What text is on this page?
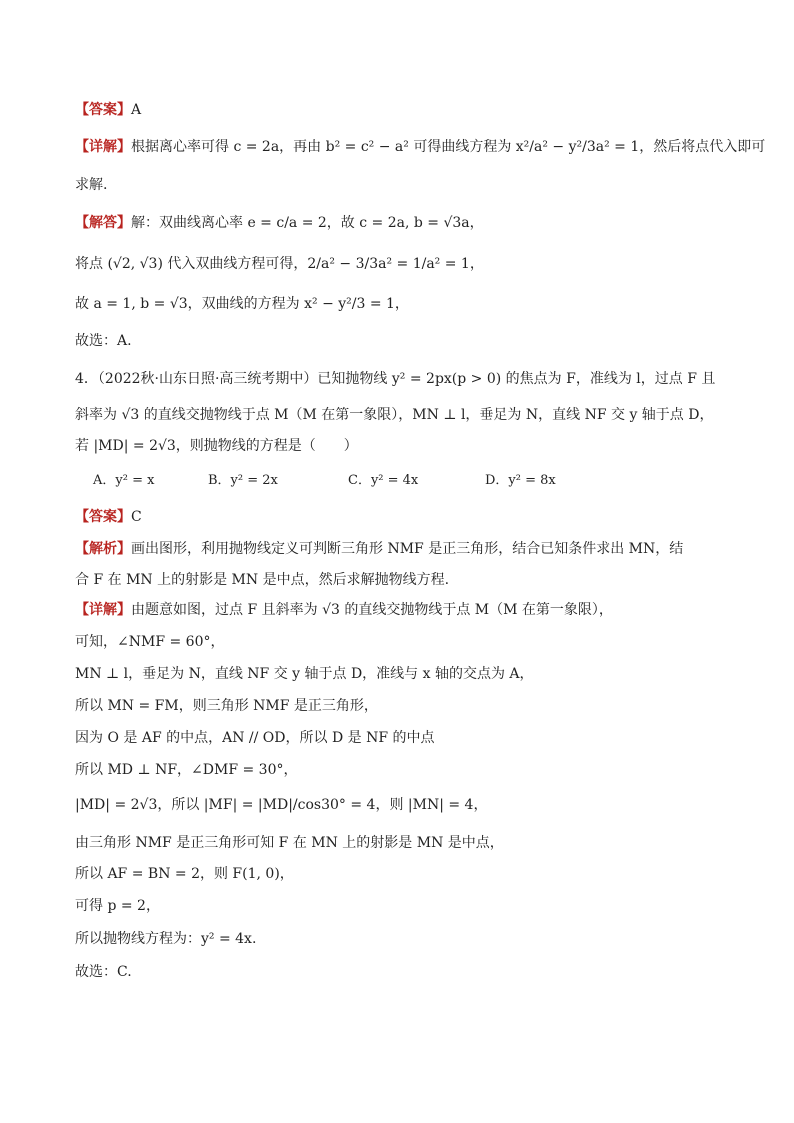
【答案】A
【详解】根据离心率可得 c = 2a，再由 b² = c² − a² 可得曲线方程为 x²/a² − y²/3a² = 1，然后将点代入即可
求解.
【解答】解：双曲线离心率 e = c/a = 2，故 c = 2a, b = √3a，
将点 (√2, √3) 代入双曲线方程可得，2/a² − 3/3a² = 1/a² = 1，
故 a = 1, b = √3，双曲线的方程为 x² − y²/3 = 1，
故选：A.
4．（2022秋·山东日照·高三统考期中）已知抛物线 y² = 2px(p > 0) 的焦点为 F，准线为 l，过点 F 且
斜率为 √3 的直线交抛物线于点 M（M 在第一象限），MN ⊥ l，垂足为 N，直线 NF 交 y 轴于点 D，
若 |MD| = 2√3，则抛物线的方程是（　　）
A．y² = x	B．y² = 2x	C．y² = 4x	D．y² = 8x
【答案】C
【解析】画出图形，利用抛物线定义可判断三角形 NMF 是正三角形，结合已知条件求出 MN，结
合 F 在 MN 上的射影是 MN 是中点，然后求解抛物线方程.
【详解】由题意如图，过点 F 且斜率为 √3 的直线交抛物线于点 M（M 在第一象限），
可知，∠NMF = 60°，
MN ⊥ l，垂足为 N，直线 NF 交 y 轴于点 D，准线与 x 轴的交点为 A，
所以 MN = FM，则三角形 NMF 是正三角形，
因为 O 是 AF 的中点，AN // OD，所以 D 是 NF 的中点
所以 MD ⊥ NF，∠DMF = 30°，
|MD| = 2√3，所以 |MF| = |MD|/cos30° = 4，则 |MN| = 4，
由三角形 NMF 是正三角形可知 F 在 MN 上的射影是 MN 是中点，
所以 AF = BN = 2，则 F(1, 0)，
可得 p = 2，
所以抛物线方程为：y² = 4x.
故选：C.
